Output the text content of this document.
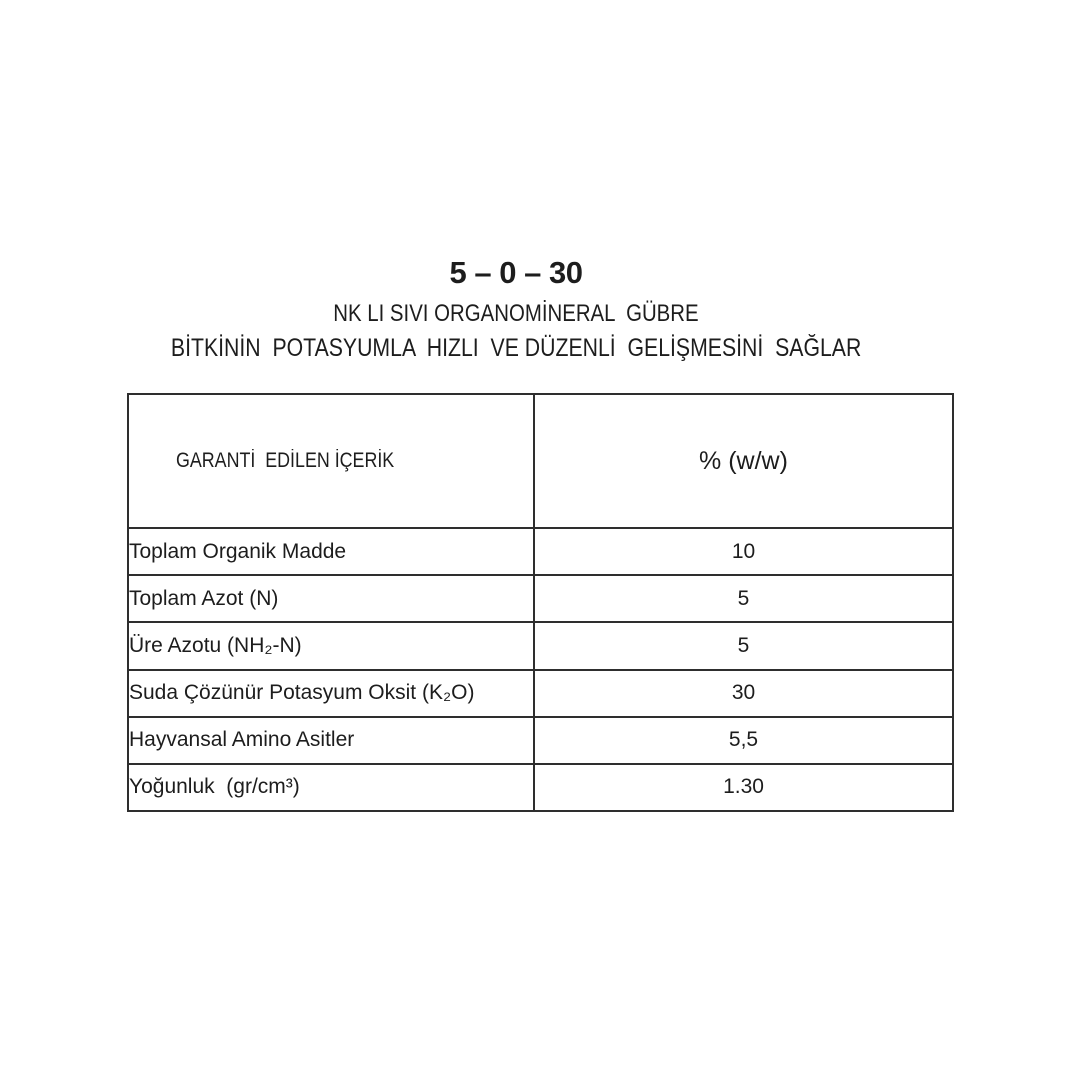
5 – 0 – 30
NK LI SIVI ORGANOMİNERAL  GÜBRE
BİTKİNİN  POTASYUMLA  HIZLI  VE DÜZENLİ  GELİŞMESİNİ  SAĞLAR

GARANTİ  EDİLEN İÇERİK	% (w/w)
Toplam Organik Madde	10
Toplam Azot (N)	5
Üre Azotu (NH₂-N)	5
Suda Çözünür Potasyum Oksit (K₂O)	30
Hayvansal Amino Asitler	5,5
Yoğunluk  (gr/cm³)	1.30
